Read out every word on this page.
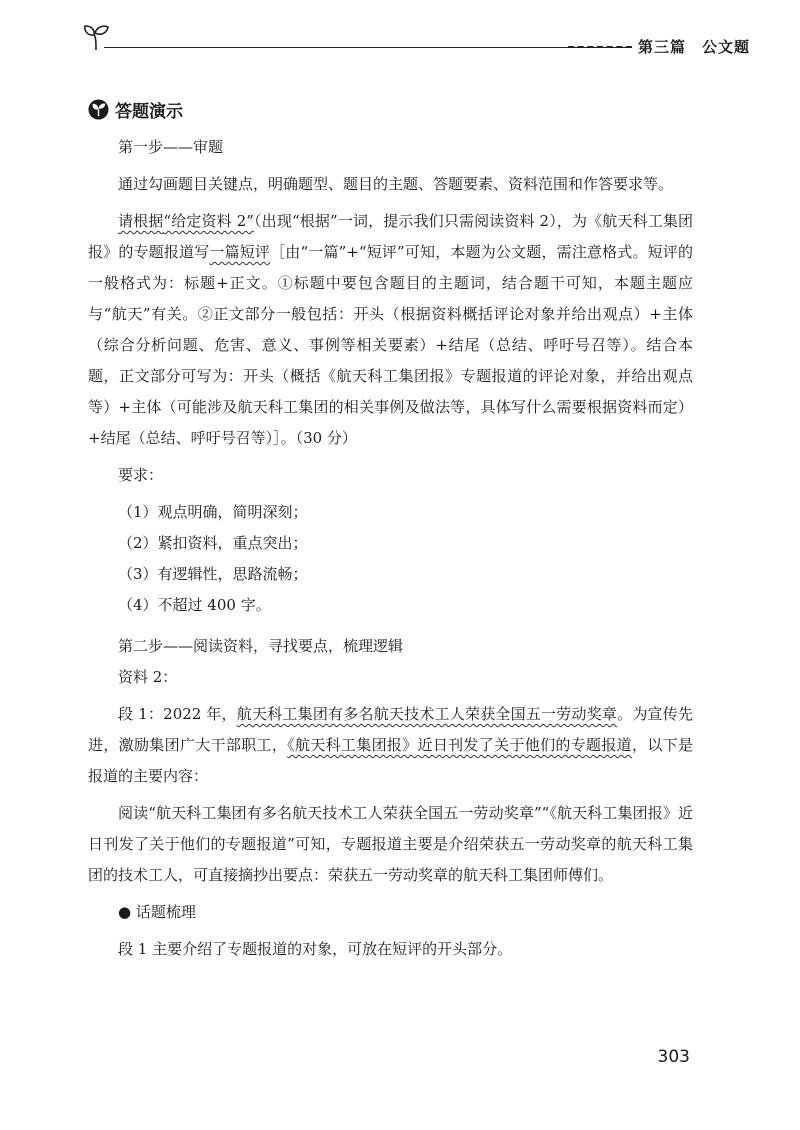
第三篇 公文题
答题演示

第一步——审题

通过勾画题目关键点，明确题型、题目的主题、答题要素、资料范围和作答要求等。

请根据“给定资料 2”（出现“根据”一词，提示我们只需阅读资料 2），为《航天科工集团报》的专题报道写一篇短评［由“一篇”+“短评”可知，本题为公文题，需注意格式。短评的一般格式为：标题+正文。①标题中要包含题目的主题词，结合题干可知，本题主题应与“航天”有关。②正文部分一般包括：开头（根据资料概括评论对象并给出观点）+主体（综合分析问题、危害、意义、事例等相关要素）+结尾（总结、呼吁号召等）。结合本题，正文部分可写为：开头（概括《航天科工集团报》专题报道的评论对象，并给出观点等）+主体（可能涉及航天科工集团的相关事例及做法等，具体写什么需要根据资料而定）+结尾（总结、呼吁号召等）］。（30 分）

要求：

（1）观点明确，简明深刻；

（2）紧扣资料，重点突出；

（3）有逻辑性，思路流畅；

（4）不超过 400 字。

第二步——阅读资料，寻找要点，梳理逻辑

资料 2：

段 1：2022 年，航天科工集团有多名航天技术工人荣获全国五一劳动奖章。为宣传先进，激励集团广大干部职工，《航天科工集团报》近日刊发了关于他们的专题报道，以下是报道的主要内容：

阅读“航天科工集团有多名航天技术工人荣获全国五一劳动奖章”“《航天科工集团报》近日刊发了关于他们的专题报道”可知，专题报道主要是介绍荣获五一劳动奖章的航天科工集团的技术工人，可直接摘抄出要点：荣获五一劳动奖章的航天科工集团师傅们。

● 话题梳理

段 1 主要介绍了专题报道的对象，可放在短评的开头部分。

303
